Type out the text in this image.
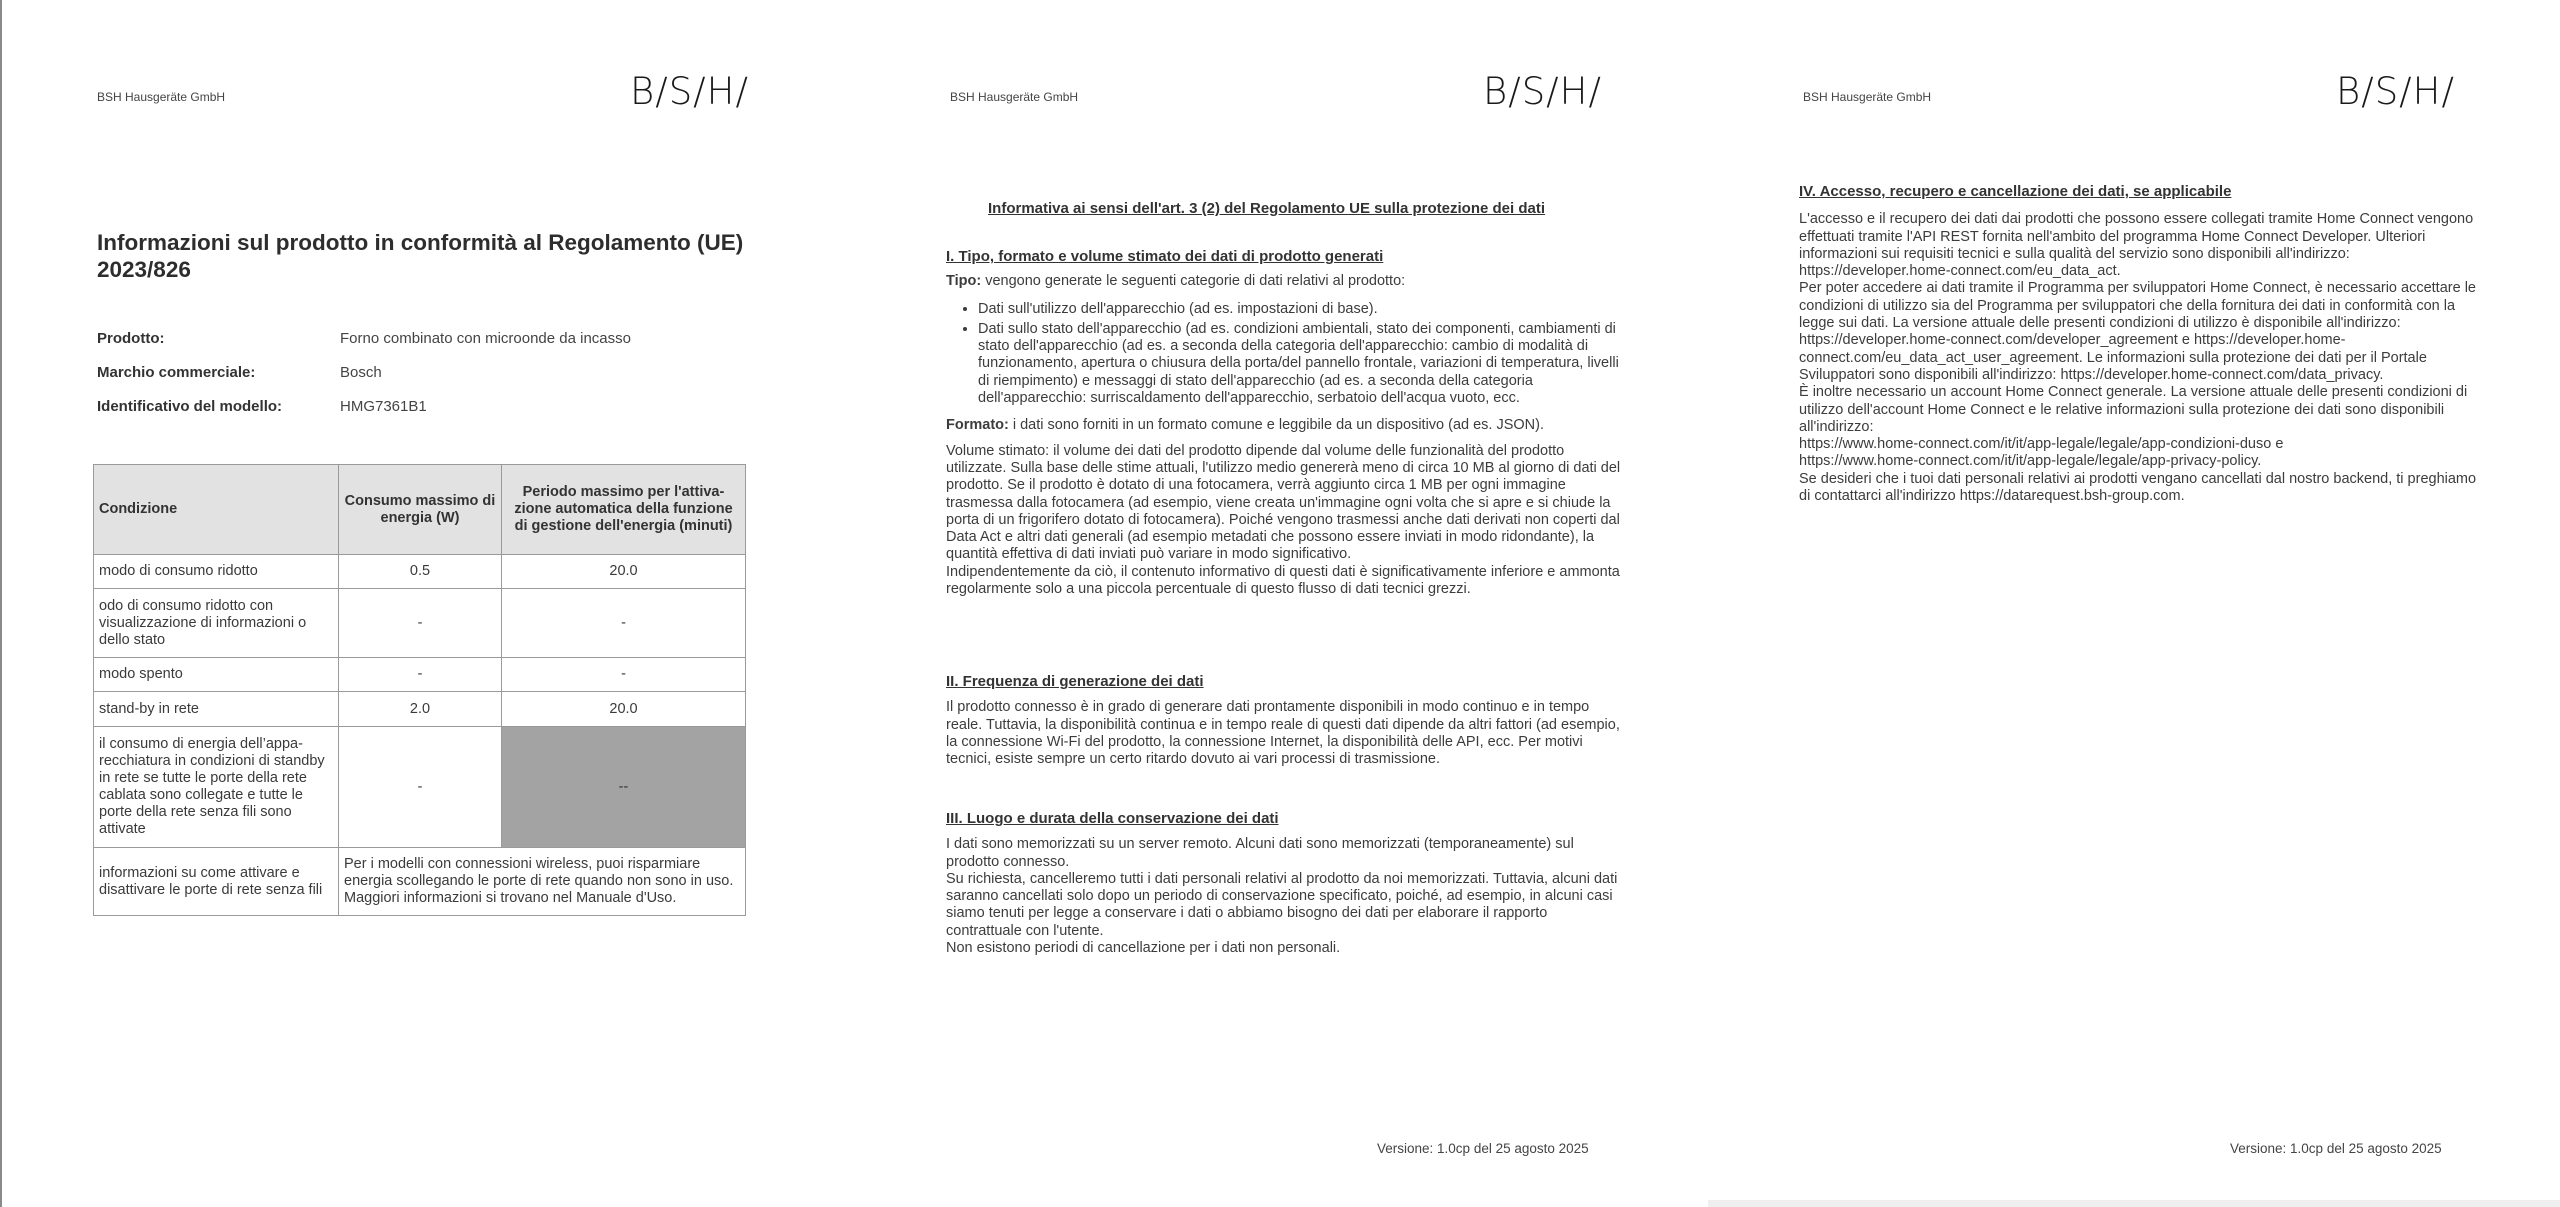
BSH Hausgeräte GmbH	B/S/H/
Informazioni sul prodotto in conformità al Regolamento (UE) 2023/826
Prodotto:	Forno combinato con microonde da incasso
Marchio commerciale:	Bosch
Identificativo del modello:	HMG7361B1
Condizione	Consumo massimo di energia (W)	Periodo massimo per l'attivazione automatica della funzione di gestione dell'energia (minuti)
modo di consumo ridotto	0.5	20.0
odo di consumo ridotto con visualizzazione di informazioni o dello stato	-	-
modo spento	-	-
stand-by in rete	2.0	20.0
il consumo di energia dell’apparecchiatura in condizioni di standby in rete se tutte le porte della rete cablata sono collegate e tutte le porte della rete senza fili sono attivate	-	--
informazioni su come attivare e disattivare le porte di rete senza fili	Per i modelli con connessioni wireless, puoi risparmiare energia scollegando le porte di rete quando non sono in uso. Maggiori informazioni si trovano nel Manuale d'Uso.	
BSH Hausgeräte GmbH	B/S/H/
Informativa ai sensi dell'art. 3 (2) del Regolamento UE sulla protezione dei dati
I. Tipo, formato e volume stimato dei dati di prodotto generati

Tipo: vengono generate le seguenti categorie di dati relativi al prodotto:

• Dati sull'utilizzo dell'apparecchio (ad es. impostazioni di base).
• Dati sullo stato dell'apparecchio (ad es. condizioni ambientali, stato dei componenti, cambiamenti di stato dell'apparecchio (ad es. a seconda della categoria dell'apparecchio: cambio di modalità di funzionamento, apertura o chiusura della porta/del pannello frontale, variazioni di temperatura, livelli di riempimento) e messaggi di stato dell'apparecchio (ad es. a seconda della categoria dell'apparecchio: surriscaldamento dell'apparecchio, serbatoio dell'acqua vuoto, ecc.

Formato: i dati sono forniti in un formato comune e leggibile da un dispositivo (ad es. JSON).

Volume stimato: il volume dei dati del prodotto dipende dal volume delle funzionalità del prodotto utilizzate. Sulla base delle stime attuali, l'utilizzo medio genererà meno di circa 10 MB al giorno di dati del prodotto. Se il prodotto è dotato di una fotocamera, verrà aggiunto circa 1 MB per ogni immagine trasmessa dalla fotocamera (ad esempio, viene creata un'immagine ogni volta che si apre e si chiude la porta di un frigorifero dotato di fotocamera). Poiché vengono trasmessi anche dati derivati non coperti dal Data Act e altri dati generali (ad esempio metadati che possono essere inviati in modo ridondante), la quantità effettiva di dati inviati può variare in modo significativo.

Indipendentemente da ciò, il contenuto informativo di questi dati è significativamente inferiore e ammonta regolarmente solo a una piccola percentuale di questo flusso di dati tecnici grezzi.

II. Frequenza di generazione dei dati

Il prodotto connesso è in grado di generare dati prontamente disponibili in modo continuo e in tempo reale. Tuttavia, la disponibilità continua e in tempo reale di questi dati dipende da altri fattori (ad esempio, la connessione Wi-Fi del prodotto, la connessione Internet, la disponibilità delle API, ecc. Per motivi tecnici, esiste sempre un certo ritardo dovuto ai vari processi di trasmissione.

III. Luogo e durata della conservazione dei dati

I dati sono memorizzati su un server remoto. Alcuni dati sono memorizzati (temporaneamente) sul prodotto connesso.

Su richiesta, cancelleremo tutti i dati personali relativi al prodotto da noi memorizzati. Tuttavia, alcuni dati saranno cancellati solo dopo un periodo di conservazione specificato, poiché, ad esempio, in alcuni casi siamo tenuti per legge a conservare i dati o abbiamo bisogno dei dati per elaborare il rapporto contrattuale con l'utente.

Non esistono periodi di cancellazione per i dati non personali.

Versione: 1.0cp del 25 agosto 2025
BSH Hausgeräte GmbH	B/S/H/
IV. Accesso, recupero e cancellazione dei dati, se applicabile

L'accesso e il recupero dei dati dai prodotti che possono essere collegati tramite Home Connect vengono effettuati tramite l'API REST fornita nell'ambito del programma Home Connect Developer. Ulteriori informazioni sui requisiti tecnici e sulla qualità del servizio sono disponibili all'indirizzo: https://developer.home-connect.com/eu_data_act.

Per poter accedere ai dati tramite il Programma per sviluppatori Home Connect, è necessario accettare le condizioni di utilizzo sia del Programma per sviluppatori che della fornitura dei dati in conformità con la legge sui dati. La versione attuale delle presenti condizioni di utilizzo è disponibile all'indirizzo: https://developer.home-connect.com/developer_agreement e https://developer.home-connect.com/eu_data_act_user_agreement. Le informazioni sulla protezione dei dati per il Portale Sviluppatori sono disponibili all'indirizzo: https://developer.home-connect.com/data_privacy.

È inoltre necessario un account Home Connect generale. La versione attuale delle presenti condizioni di utilizzo dell'account Home Connect e le relative informazioni sulla protezione dei dati sono disponibili all'indirizzo:

https://www.home-connect.com/it/it/app-legale/legale/app-condizioni-duso e

https://www.home-connect.com/it/it/app-legale/legale/app-privacy-policy.

Se desideri che i tuoi dati personali relativi ai prodotti vengano cancellati dal nostro backend, ti preghiamo di contattarci all'indirizzo https://datarequest.bsh-group.com.

Versione: 1.0cp del 25 agosto 2025
